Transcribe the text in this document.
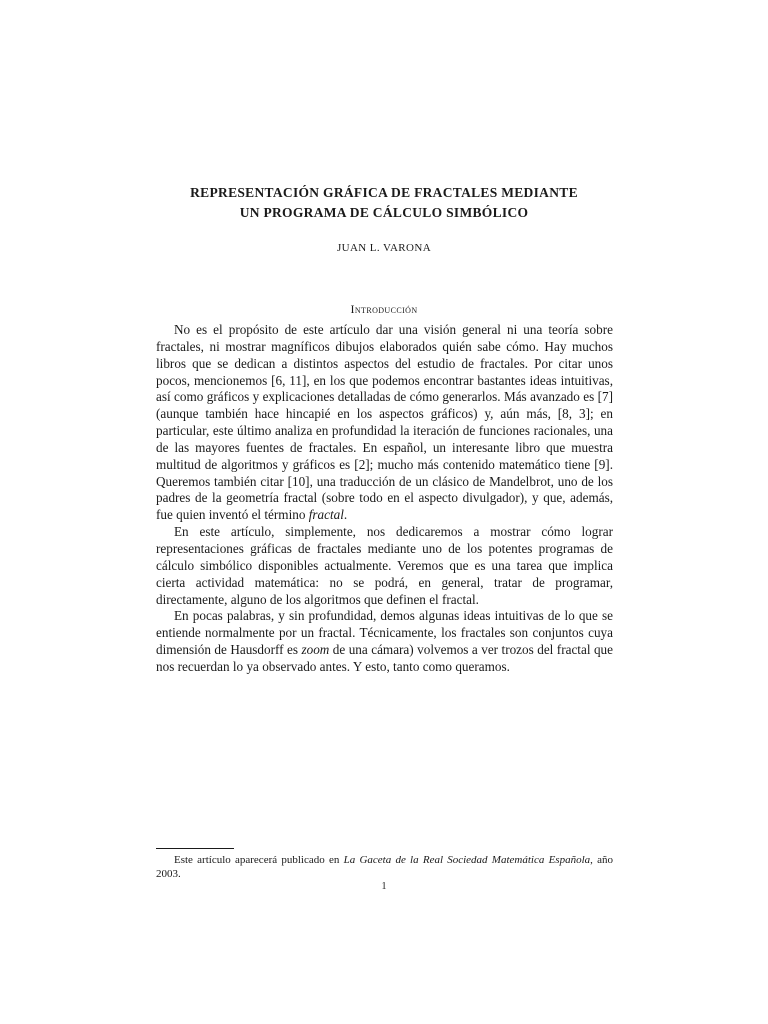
REPRESENTACIÓN GRÁFICA DE FRACTALES MEDIANTE
UN PROGRAMA DE CÁLCULO SIMBÓLICO
JUAN L. VARONA
Introducción

No es el propósito de este artículo dar una visión general ni una teoría sobre fractales, ni mostrar magníficos dibujos elaborados quién sabe cómo. Hay muchos libros que se dedican a distintos aspectos del estudio de fractales. Por citar unos pocos, mencionemos [6, 11], en los que podemos encontrar bastantes ideas intuitivas, así como gráficos y explicaciones detalladas de cómo generarlos. Más avanzado es [7] (aunque también hace hincapié en los aspectos gráficos) y, aún más, [8, 3]; en particular, este último analiza en profundidad la iteración de funciones racionales, una de las mayores fuentes de fractales. En español, un interesante libro que muestra multitud de algoritmos y gráficos es [2]; mucho más contenido matemático tiene [9]. Queremos también citar [10], una traducción de un clásico de Mandelbrot, uno de los padres de la geometría fractal (sobre todo en el aspecto divulgador), y que, además, fue quien inventó el término fractal.

En este artículo, simplemente, nos dedicaremos a mostrar cómo lograr representaciones gráficas de fractales mediante uno de los potentes programas de cálculo simbólico disponibles actualmente. Veremos que es una tarea que implica cierta actividad matemática: no se podrá, en general, tratar de programar, directamente, alguno de los algoritmos que definen el fractal.

En pocas palabras, y sin profundidad, demos algunas ideas intuitivas de lo que se entiende normalmente por un fractal. Técnicamente, los fractales son conjuntos cuya dimensión de Hausdorff es zoom de una cámara) volvemos a ver trozos del fractal que nos recuerdan lo ya observado antes. Y esto, tanto como queramos.

Este artículo aparecerá publicado en La Gaceta de la Real Sociedad Matemática Española, año 2003.
1
